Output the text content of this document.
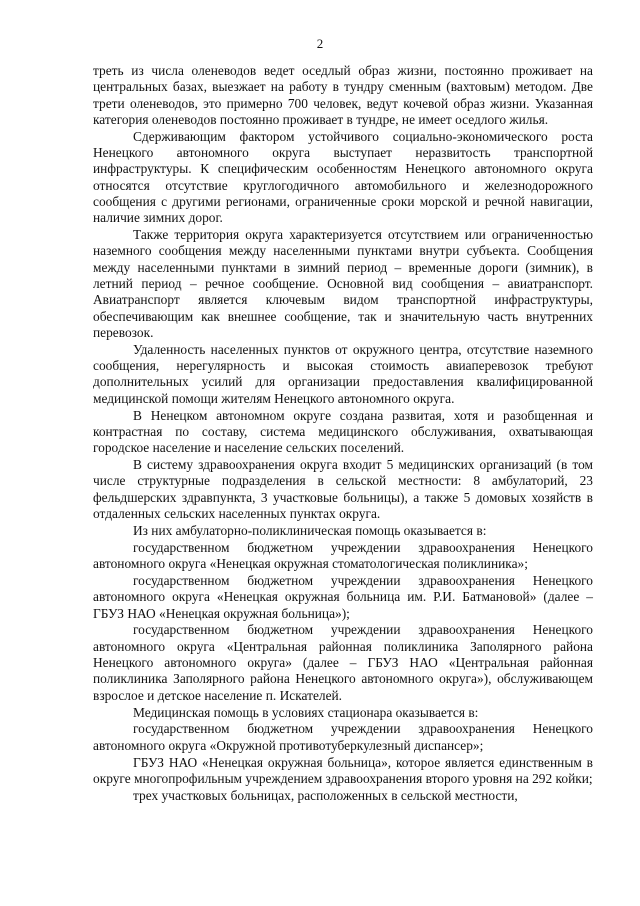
2

треть из числа оленеводов ведет оседлый образ жизни, постоянно проживает на центральных базах, выезжает на работу в тундру сменным (вахтовым) методом. Две трети оленеводов, это примерно 700 человек, ведут кочевой образ жизни. Указанная категория оленеводов постоянно проживает в тундре, не имеет оседлого жилья.

Сдерживающим фактором устойчивого социально-экономического роста Ненецкого автономного округа выступает неразвитость транспортной инфраструктуры. К специфическим особенностям Ненецкого автономного округа относятся отсутствие круглогодичного автомобильного и железнодорожного сообщения с другими регионами, ограниченные сроки морской и речной навигации, наличие зимних дорог.

Также территория округа характеризуется отсутствием или ограниченностью наземного сообщения между населенными пунктами внутри субъекта. Сообщения между населенными пунктами в зимний период – временные дороги (зимник), в летний период – речное сообщение. Основной вид сообщения – авиатранспорт. Авиатранспорт является ключевым видом транспортной инфраструктуры, обеспечивающим как внешнее сообщение, так и значительную часть внутренних перевозок.

Удаленность населенных пунктов от окружного центра, отсутствие наземного сообщения, нерегулярность и высокая стоимость авиаперевозок требуют дополнительных усилий для организации предоставления квалифицированной медицинской помощи жителям Ненецкого автономного округа.

В Ненецком автономном округе создана развитая, хотя и разобщенная и контрастная по составу, система медицинского обслуживания, охватывающая городское население и население сельских поселений.

В систему здравоохранения округа входит 5 медицинских организаций (в том числе структурные подразделения в сельской местности: 8 амбулаторий, 23 фельдшерских здравпункта, 3 участковые больницы), а также 5 домовых хозяйств в отдаленных сельских населенных пунктах округа.

Из них амбулаторно-поликлиническая помощь оказывается в:

государственном бюджетном учреждении здравоохранения Ненецкого автономного округа «Ненецкая окружная стоматологическая поликлиника»;

государственном бюджетном учреждении здравоохранения Ненецкого автономного округа «Ненецкая окружная больница им. Р.И. Батмановой» (далее – ГБУЗ НАО «Ненецкая окружная больница»);

государственном бюджетном учреждении здравоохранения Ненецкого автономного округа «Центральная районная поликлиника Заполярного района Ненецкого автономного округа» (далее – ГБУЗ НАО «Центральная районная поликлиника Заполярного района Ненецкого автономного округа»), обслуживающем взрослое и детское население п. Искателей.

Медицинская помощь в условиях стационара оказывается в:

государственном бюджетном учреждении здравоохранения Ненецкого автономного округа «Окружной противотуберкулезный диспансер»;

ГБУЗ НАО «Ненецкая окружная больница», которое является единственным в округе многопрофильным учреждением здравоохранения второго уровня на 292 койки;

трех участковых больницах, расположенных в сельской местности,
